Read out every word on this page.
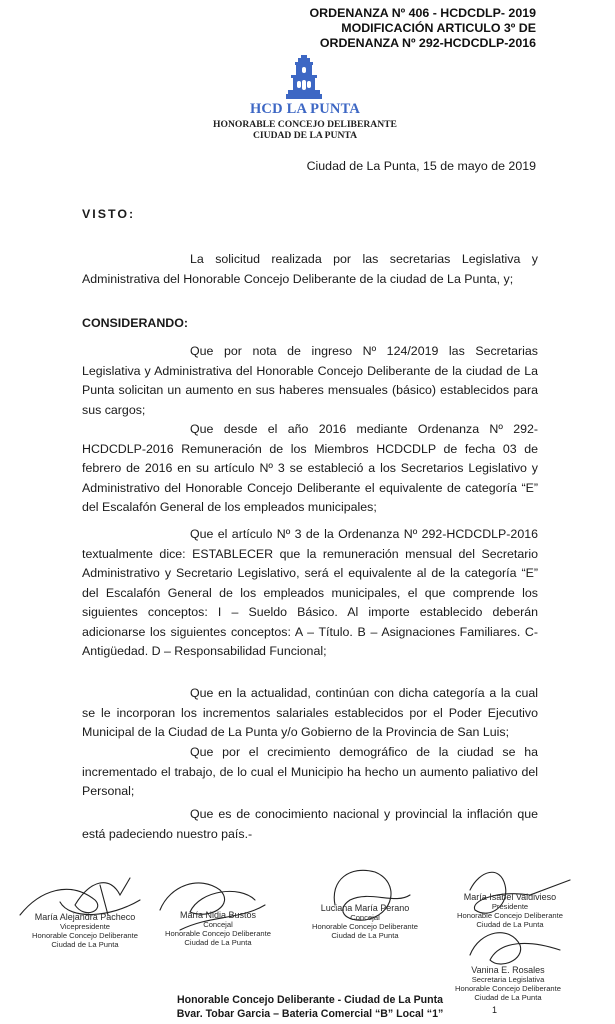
ORDENANZA Nº 406 - HCDCDLP- 2019
MODIFICACIÓN ARTICULO 3º DE
ORDENANZA Nº 292-HCDCDLP-2016
HCD LA PUNTA
HONORABLE CONCEJO DELIBERANTE
CIUDAD DE LA PUNTA
Ciudad de La Punta, 15 de mayo de 2019
VISTO:
La solicitud realizada por las secretarias Legislativa y Administrativa del Honorable Concejo Deliberante de la ciudad de La Punta, y;
CONSIDERANDO:
Que por nota de ingreso Nº 124/2019 las Secretarias Legislativa y Administrativa del Honorable Concejo Deliberante de la ciudad de La Punta solicitan un aumento en sus haberes mensuales (básico) establecidos para sus cargos;
Que desde el año 2016 mediante Ordenanza Nº 292-HCDCDLP-2016 Remuneración de los Miembros HCDCDLP de fecha 03 de febrero de 2016 en su artículo Nº 3 se estableció a los Secretarios Legislativo y Administrativo del Honorable Concejo Deliberante el equivalente de categoría “E” del Escalafón General de los empleados municipales;
Que el artículo Nº 3 de la Ordenanza Nº 292-HCDCDLP-2016 textualmente dice: ESTABLECER que la remuneración mensual del Secretario Administrativo y Secretario Legislativo, será el equivalente al de la categoría “E” del Escalafón General de los empleados municipales, el que comprende los siguientes conceptos: I – Sueldo Básico. Al importe establecido deberán adicionarse los siguientes conceptos: A – Título. B – Asignaciones Familiares. C- Antigüedad. D – Responsabilidad Funcional;
Que en la actualidad, continúan con dicha categoría a la cual se le incorporan los incrementos salariales establecidos por el Poder Ejecutivo Municipal de la Ciudad de La Punta y/o Gobierno de la Provincia de San Luis;
Que por el crecimiento demográfico de la ciudad se ha incrementado el trabajo, de lo cual el Municipio ha hecho un aumento paliativo del Personal;
Que es de conocimiento nacional y provincial la inflación que está padeciendo nuestro país.-
María Alejandra Pacheco
Vicepresidente
Honorable Concejo Deliberante
Ciudad de La Punta
María Nidia Bustos
Concejal
Honorable Concejo Deliberante
Ciudad de La Punta
Luciana María Perano
Concejal
Honorable Concejo Deliberante
Ciudad de La Punta
María Isabel Valdivieso
Presidente
Honorable Concejo Deliberante
Ciudad de La Punta
Vanina E. Rosales
Secretaria Legislativa
Honorable Concejo Deliberante
Ciudad de La Punta
Honorable Concejo Deliberante - Ciudad de La Punta
Bvar. Tobar Garcia – Bateria Comercial “B” Local “1”	1
